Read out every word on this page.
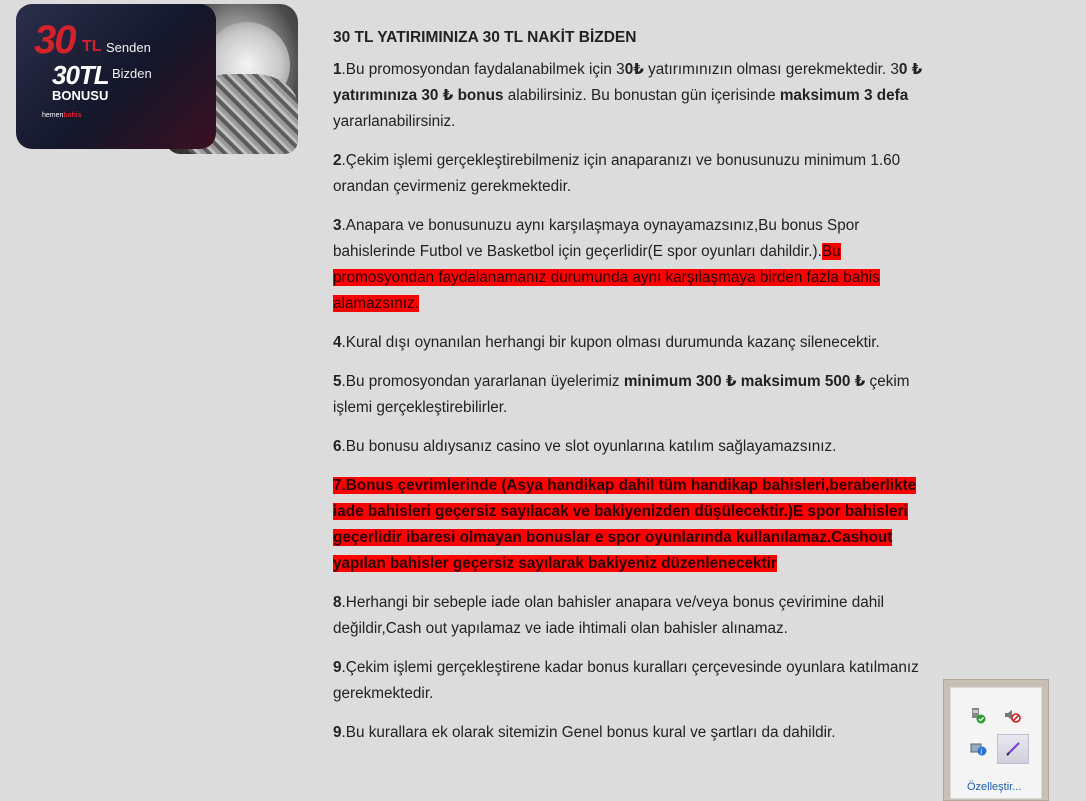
30 TL Senden
30TL Bizden
BONUSU
hemenbahis
30 TL YATIRIMINIZA 30 TL NAKİT BİZDEN

1.Bu promosyondan faydalanabilmek için 30₺ yatırımınızın olması gerekmektedir. 30 ₺ yatırımınıza 30 ₺ bonus alabilirsiniz. Bu bonustan gün içerisinde maksimum 3 defa yararlanabilirsiniz.

2.Çekim işlemi gerçekleştirebilmeniz için anaparanızı ve bonusunuzu minimum 1.60 orandan çevirmeniz gerekmektedir.

3.Anapara ve bonusunuzu aynı karşılaşmaya oynayamazsınız,Bu bonus Spor bahislerinde Futbol ve Basketbol için geçerlidir(E spor oyunları dahildir.).Bu promosyondan faydalanamanız durumunda aynı karşılaşmaya birden fazla bahis alamazsınız.

4.Kural dışı oynanılan herhangi bir kupon olması durumunda kazanç silenecektir.

5.Bu promosyondan yararlanan üyelerimiz minimum 300 ₺ maksimum 500 ₺ çekim işlemi gerçekleştirebilirler.

6.Bu bonusu aldıysanız casino ve slot oyunlarına katılım sağlayamazsınız.

7.Bonus çevrimlerinde (Asya handikap dahil tüm handikap bahisleri,beraberlikte iade bahisleri geçersiz sayılacak ve bakiyenizden düşülecektir.)E spor bahisleri geçerlidir ibaresi olmayan bonuslar e spor oyunlarında kullanılamaz.Cashout yapılan bahisler geçersiz sayılarak bakiyeniz düzenlenecektir

8.Herhangi bir sebeple iade olan bahisler anapara ve/veya bonus çevirimine dahil değildir,Cash out yapılamaz ve iade ihtimali olan bahisler alınamaz.

9.Çekim işlemi gerçekleştirene kadar bonus kuralları çerçevesinde oyunlara katılmanız gerekmektedir.

9.Bu kurallara ek olarak sitemizin Genel bonus kural ve şartları da dahildir.

i
Özelleştir...
